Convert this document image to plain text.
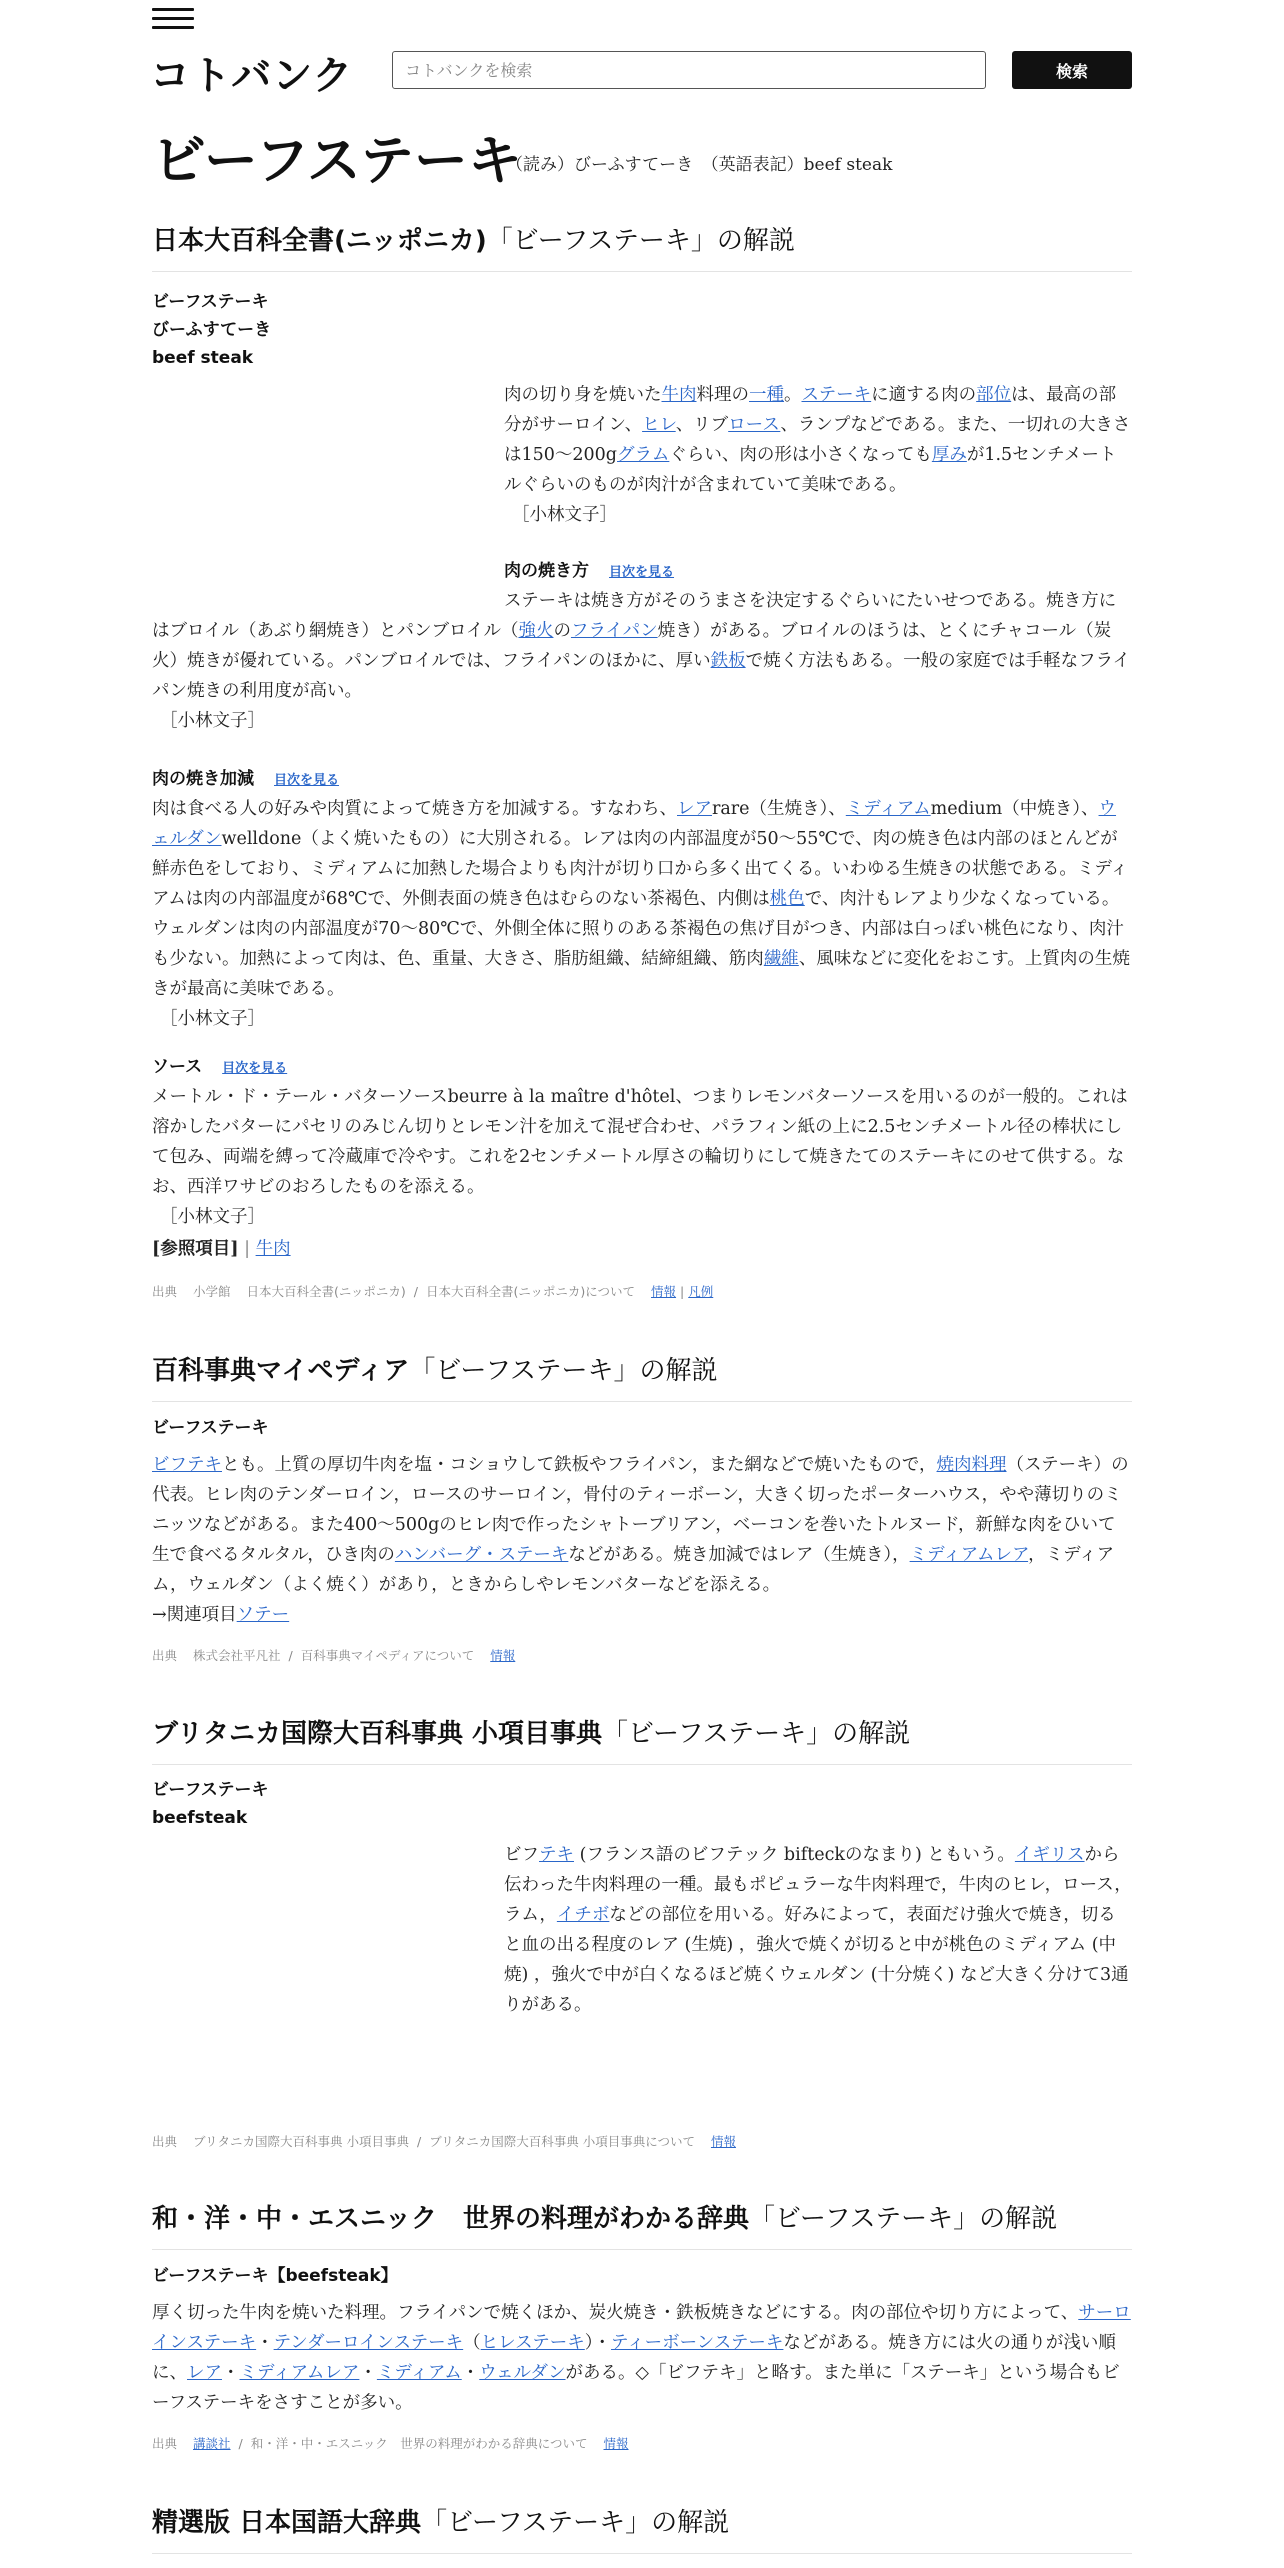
コトバンク
コトバンクを検索	検索
ビーフステーキ
（読み）びーふすてーき　（英語表記）beef steak
日本大百科全書(ニッポニカ)「ビーフステーキ」の解説
ビーフステーキ
びーふすてーき
beef steak
肉の切り身を焼いた牛肉料理の一種。ステーキに適する肉の部位は、最高の部分がサーロイン、ヒレ、リブロース、ランプなどである。また、一切れの大きさは150～200gグラムぐらい、肉の形は小さくなっても厚みが1.5センチメートルぐらいのものが肉汁が含まれていて美味である。
［小林文子］
肉の焼き方 目次を見る
ステーキは焼き方がそのうまさを決定するぐらいにたいせつである。焼き方にはブロイル（あぶり網焼き）とパンブロイル（強火のフライパン焼き）がある。ブロイルのほうは、とくにチャコール（炭火）焼きが優れている。パンブロイルでは、フライパンのほかに、厚い鉄板で焼く方法もある。一般の家庭では手軽なフライパン焼きの利用度が高い。
［小林文子］
肉の焼き加減 目次を見る
肉は食べる人の好みや肉質によって焼き方を加減する。すなわち、レアrare（生焼き）、ミディアムmedium（中焼き）、ウェルダンwelldone（よく焼いたもの）に大別される。レアは肉の内部温度が50～55℃で、肉の焼き色は内部のほとんどが鮮赤色をしており、ミディアムに加熱した場合よりも肉汁が切り口から多く出てくる。いわゆる生焼きの状態である。ミディアムは肉の内部温度が68℃で、外側表面の焼き色はむらのない茶褐色、内側は桃色で、肉汁もレアより少なくなっている。ウェルダンは肉の内部温度が70～80℃で、外側全体に照りのある茶褐色の焦げ目がつき、内部は白っぽい桃色になり、肉汁も少ない。加熱によって肉は、色、重量、大きさ、脂肪組織、結締組織、筋肉繊維、風味などに変化をおこす。上質肉の生焼きが最高に美味である。
［小林文子］
ソース 目次を見る
メートル・ド・テール・バターソースbeurre à la maître d'hôtel、つまりレモンバターソースを用いるのが一般的。これは溶かしたバターにパセリのみじん切りとレモン汁を加えて混ぜ合わせ、パラフィン紙の上に2.5センチメートル径の棒状にして包み、両端を縛って冷蔵庫で冷やす。これを2センチメートル厚さの輪切りにして焼きたてのステーキにのせて供する。なお、西洋ワサビのおろしたものを添える。
［小林文子］
[参照項目] | 牛肉
出典 小学館 日本大百科全書(ニッポニカ) / 日本大百科全書(ニッポニカ)について 情報 | 凡例
百科事典マイペディア「ビーフステーキ」の解説
ビーフステーキ
ビフテキとも。上質の厚切牛肉を塩・コショウして鉄板やフライパン，また網などで焼いたもので，焼肉料理（ステーキ）の代表。ヒレ肉のテンダーロイン，ロースのサーロイン，骨付のティーボーン，大きく切ったポーターハウス，やや薄切りのミニッツなどがある。また400〜500gのヒレ肉で作ったシャトーブリアン，ベーコンを巻いたトルヌード，新鮮な肉をひいて生で食べるタルタル，ひき肉のハンバーグ・ステーキなどがある。焼き加減ではレア（生焼き），ミディアムレア，ミディアム，ウェルダン（よく焼く）があり，ときからしやレモンバターなどを添える。
→関連項目ソテー
出典 株式会社平凡社 / 百科事典マイペディアについて 情報
ブリタニカ国際大百科事典 小項目事典「ビーフステーキ」の解説
ビーフステーキ
beefsteak
ビフテキ (フランス語のビフテック bifteckのなまり) ともいう。イギリスから伝わった牛肉料理の一種。最もポピュラーな牛肉料理で，牛肉のヒレ，ロース，ラム，イチボなどの部位を用いる。好みによって，表面だけ強火で焼き，切ると血の出る程度のレア (生焼) ，強火で焼くが切ると中が桃色のミディアム (中焼) ，強火で中が白くなるほど焼くウェルダン (十分焼く) など大きく分けて3通りがある。
出典 ブリタニカ国際大百科事典 小項目事典 / ブリタニカ国際大百科事典 小項目事典について 情報
和・洋・中・エスニック　世界の料理がわかる辞典「ビーフステーキ」の解説
ビーフステーキ【beefsteak】
厚く切った牛肉を焼いた料理。フライパンで焼くほか、炭火焼き・鉄板焼きなどにする。肉の部位や切り方によって、サーロインステーキ・テンダーロインステーキ（ヒレステーキ）・ティーボーンステーキなどがある。焼き方には火の通りが浅い順に、レア・ミディアムレア・ミディアム・ウェルダンがある。◇「ビフテキ」と略す。また単に「ステーキ」という場合もビーフステーキをさすことが多い。
出典 講談社 / 和・洋・中・エスニック　世界の料理がわかる辞典について 情報
精選版 日本国語大辞典「ビーフステーキ」の解説
